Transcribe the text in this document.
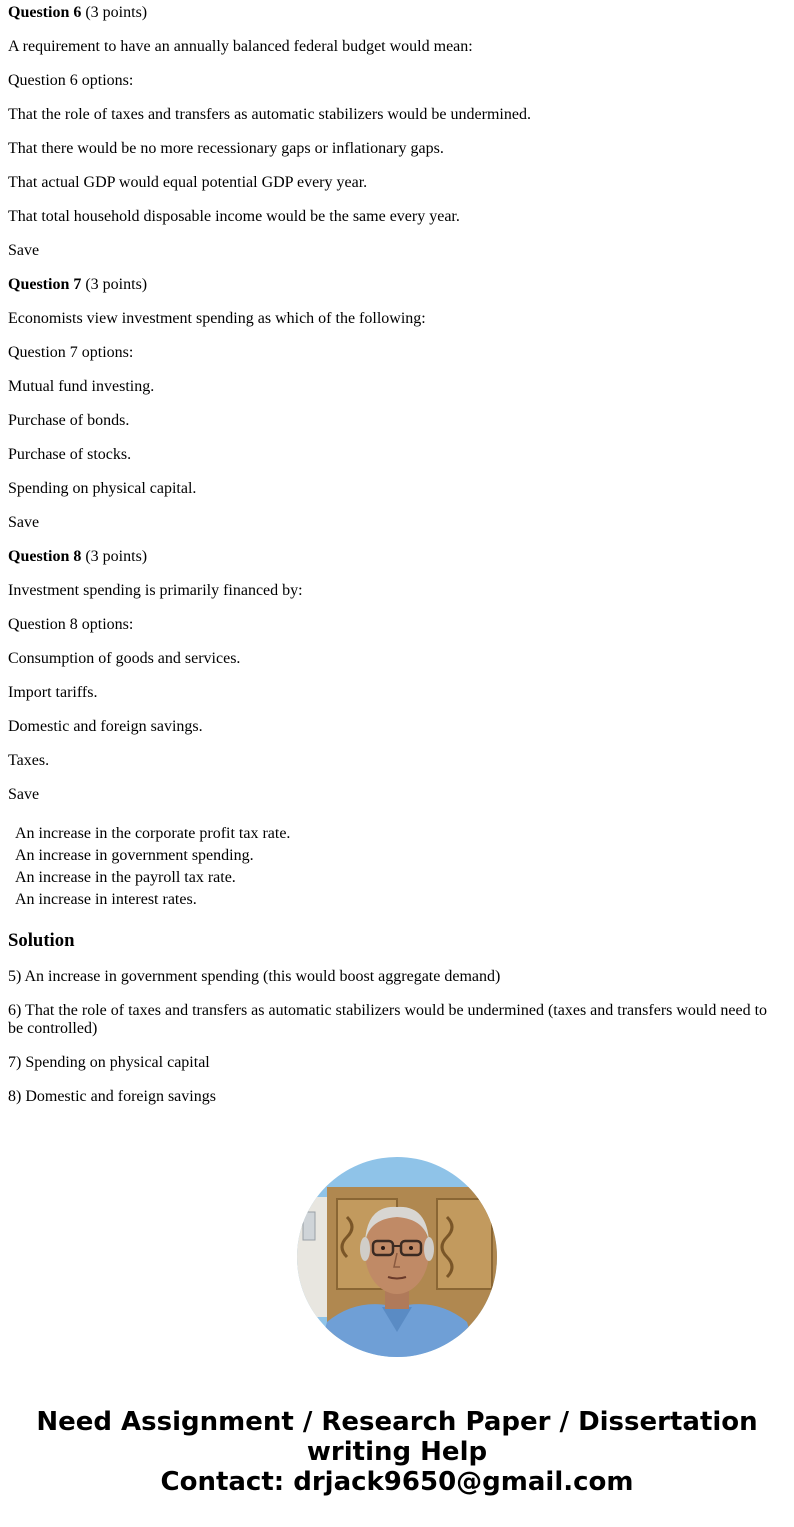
Question 6 (3 points)

A requirement to have an annually balanced federal budget would mean:

Question 6 options:

That the role of taxes and transfers as automatic stabilizers would be undermined.

That there would be no more recessionary gaps or inflationary gaps.

That actual GDP would equal potential GDP every year.

That total household disposable income would be the same every year.

Save

Question 7 (3 points)

Economists view investment spending as which of the following:

Question 7 options:

Mutual fund investing.

Purchase of bonds.

Purchase of stocks.

Spending on physical capital.

Save

Question 8 (3 points)

Investment spending is primarily financed by:

Question 8 options:

Consumption of goods and services.

Import tariffs.

Domestic and foreign savings.

Taxes.

Save

An increase in the corporate profit tax rate.
An increase in government spending.
An increase in the payroll tax rate.
An increase in interest rates.
Solution

5) An increase in government spending (this would boost aggregate demand)

6) That the role of taxes and transfers as automatic stabilizers would be undermined (taxes and transfers would need to be controlled)

7) Spending on physical capital

8) Domestic and foreign savings

Need Assignment / Research Paper / Dissertation
writing Help
Contact: drjack9650@gmail.com
